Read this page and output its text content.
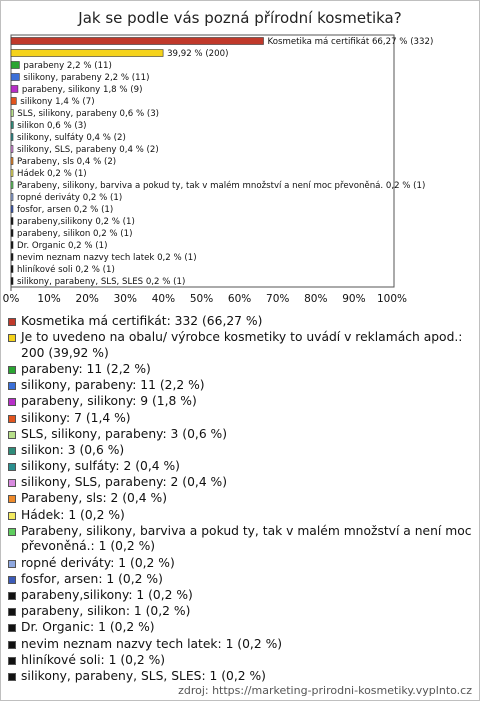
Jak se podle vás pozná přírodní kosmetika?
Kosmetika má certifikát 66,27 % (332)
39,92 % (200)
parabeny 2,2 % (11)
silikony, parabeny 2,2 % (11)
parabeny, silikony 1,8 % (9)
silikony 1,4 % (7)
SLS, silikony, parabeny 0,6 % (3)
silikon 0,6 % (3)
silikony, sulfáty 0,4 % (2)
silikony, SLS, parabeny 0,4 % (2)
Parabeny, sls 0,4 % (2)
Hádek 0,2 % (1)
Parabeny, silikony, barviva a pokud ty, tak v malém množství a není moc převoněná. 0,2 % (1)
ropné deriváty 0,2 % (1)
fosfor, arsen 0,2 % (1)
parabeny,silikony 0,2 % (1)
parabeny, silikon 0,2 % (1)
Dr. Organic 0,2 % (1)
nevim neznam nazvy tech latek 0,2 % (1)
hliníkové soli 0,2 % (1)
silikony, parabeny, SLS, SLES 0,2 % (1)
0% 10% 20% 30% 40% 50% 60% 70% 80% 90% 100%
Kosmetika má certifikát: 332 (66,27 %)
Je to uvedeno na obalu/ výrobce kosmetiky to uvádí v reklamách apod.: 200 (39,92 %)
parabeny: 11 (2,2 %)
silikony, parabeny: 11 (2,2 %)
parabeny, silikony: 9 (1,8 %)
silikony: 7 (1,4 %)
SLS, silikony, parabeny: 3 (0,6 %)
silikon: 3 (0,6 %)
silikony, sulfáty: 2 (0,4 %)
silikony, SLS, parabeny: 2 (0,4 %)
Parabeny, sls: 2 (0,4 %)
Hádek: 1 (0,2 %)
Parabeny, silikony, barviva a pokud ty, tak v malém množství a není moc převoněná.: 1 (0,2 %)
ropné deriváty: 1 (0,2 %)
fosfor, arsen: 1 (0,2 %)
parabeny,silikony: 1 (0,2 %)
parabeny, silikon: 1 (0,2 %)
Dr. Organic: 1 (0,2 %)
nevim neznam nazvy tech latek: 1 (0,2 %)
hliníkové soli: 1 (0,2 %)
silikony, parabeny, SLS, SLES: 1 (0,2 %)
zdroj: https://marketing-prirodni-kosmetiky.vyplnto.cz
